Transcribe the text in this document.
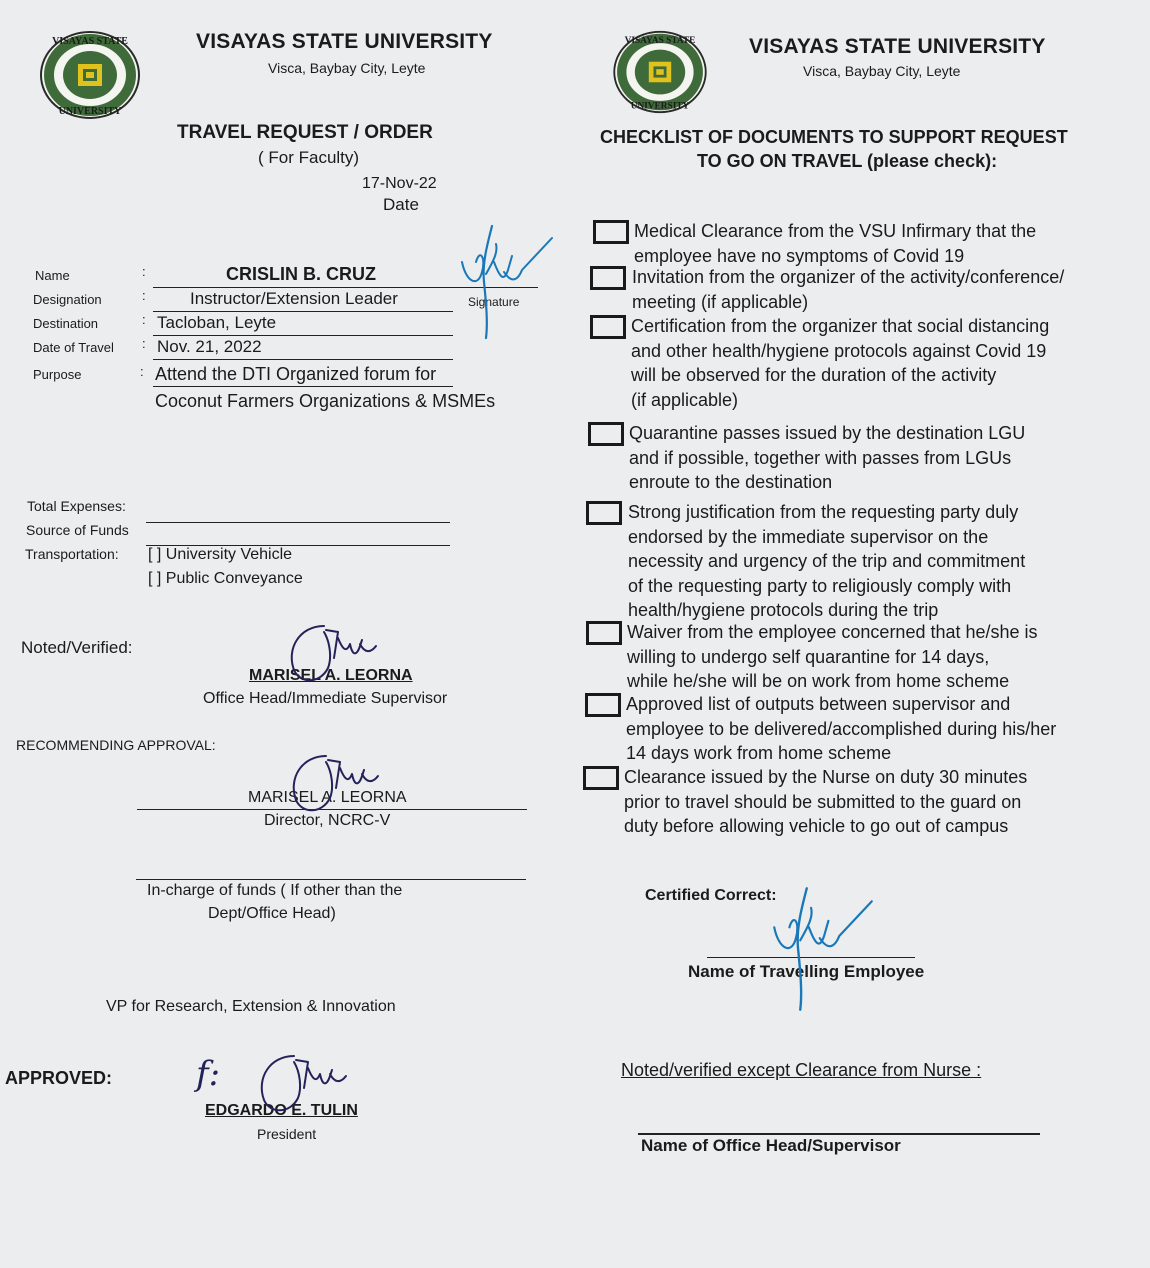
VISAYAS STATE
UNIVERSITY
VISAYAS STATE UNIVERSITY
Visca, Baybay City, Leyte
TRAVEL REQUEST / ORDER
( For Faculty)
17-Nov-22
Date
Name	:	CRISLIN B. CRUZ
Designation	:	Instructor/Extension Leader	Signature
Destination	: Tacloban, Leyte
Date of Travel : Nov. 21, 2022
Purpose	: Attend the DTI Organized forum for
Coconut Farmers Organizations & MSMEs
Total Expenses:
Source of Funds
Transportation: [ ] University Vehicle
[ ] Public Conveyance
Noted/Verified:
MARISEL A. LEORNA
Office Head/Immediate Supervisor
RECOMMENDING APPROVAL:
MARISEL A. LEORNA
Director, NCRC-V
In-charge of funds ( If other than the
Dept/Office Head)
VP for Research, Extension & Innovation
APPROVED: f:
EDGARDO E. TULIN
President
VISAYAS STATE
UNIVERSITY
VISAYAS STATE UNIVERSITY
Visca, Baybay City, Leyte
CHECKLIST OF DOCUMENTS TO SUPPORT REQUEST
TO GO ON TRAVEL (please check):
Medical Clearance from the VSU Infirmary that the
employee have no symptoms of Covid 19
Invitation from the organizer of the activity/conference/
meeting (if applicable)
Certification from the organizer that social distancing
and other health/hygiene protocols against Covid 19
will be observed for the duration of the activity
(if applicable)
Quarantine passes issued by the destination LGU
and if possible, together with passes from LGUs
enroute to the destination
Strong justification from the requesting party duly
endorsed by the immediate supervisor on the
necessity and urgency of the trip and commitment
of the requesting party to religiously comply with
health/hygiene protocols during the trip
Waiver from the employee concerned that he/she is
willing to undergo self quarantine for 14 days,
while he/she will be on work from home scheme
Approved list of outputs between supervisor and
employee to be delivered/accomplished during his/her
14 days work from home scheme
Clearance issued by the Nurse on duty 30 minutes
prior to travel should be submitted to the guard on
duty before allowing vehicle to go out of campus
Certified Correct:
Name of Travelling Employee
Noted/verified except Clearance from Nurse :
Name of Office Head/Supervisor
